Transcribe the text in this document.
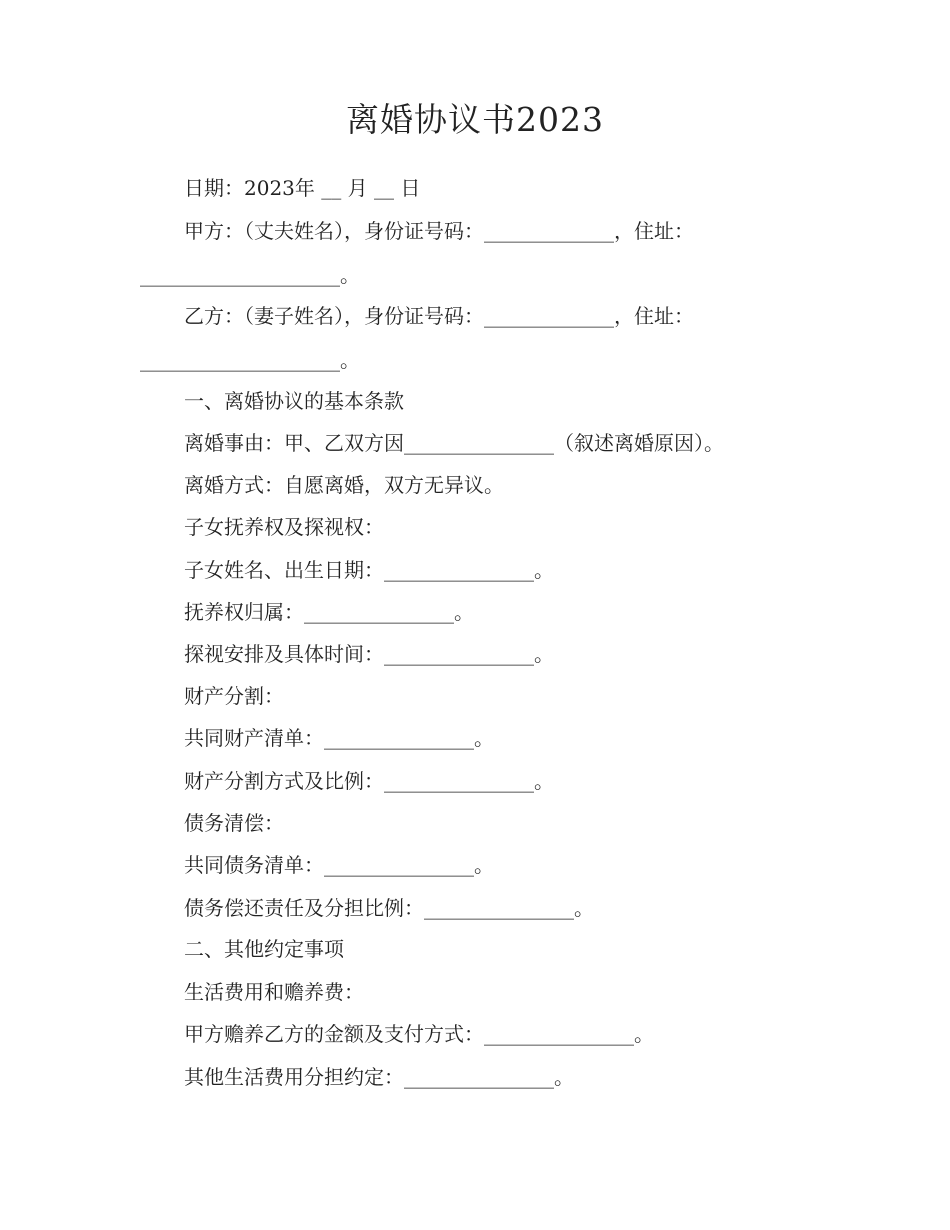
离婚协议书2023
日期：2023年 __ 月 __ 日
甲方：（丈夫姓名），身份证号码：_____________，住址：
____________________。
乙方：（妻子姓名），身份证号码：_____________，住址：
____________________。
一、离婚协议的基本条款
离婚事由：甲、乙双方因_______________（叙述离婚原因）。
离婚方式：自愿离婚，双方无异议。
子女抚养权及探视权：
子女姓名、出生日期：_______________。
抚养权归属：_______________。
探视安排及具体时间：_______________。
财产分割：
共同财产清单：_______________。
财产分割方式及比例：_______________。
债务清偿：
共同债务清单：_______________。
债务偿还责任及分担比例：_______________。
二、其他约定事项
生活费用和赡养费：
甲方赡养乙方的金额及支付方式：_______________。
其他生活费用分担约定：_______________。
